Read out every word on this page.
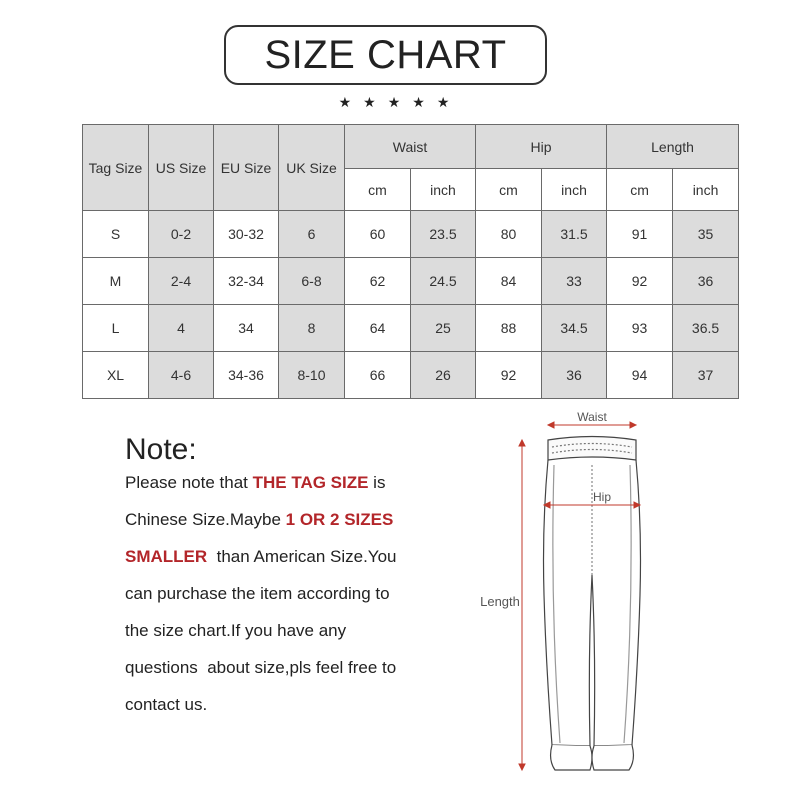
SIZE CHART
★★★★★
Tag Size	US Size	EU Size	UK Size	Waist		Hip		Length	
				cm	inch	cm	inch	cm	inch
S	0-2	30-32	6	60	23.5	80	31.5	91	35
M	2-4	32-34	6-8	62	24.5	84	33	92	36
L	4	34	8	64	25	88	34.5	93	36.5
XL	4-6	34-36	8-10	66	26	92	36	94	37
Note:
Please note that THE TAG SIZE is
Chinese Size.Maybe 1 OR 2 SIZES
SMALLER  than American Size.You
can purchase the item according to
the size chart.If you have any
questions  about size,pls feel free to
contact us.
Waist
Hip
Length
